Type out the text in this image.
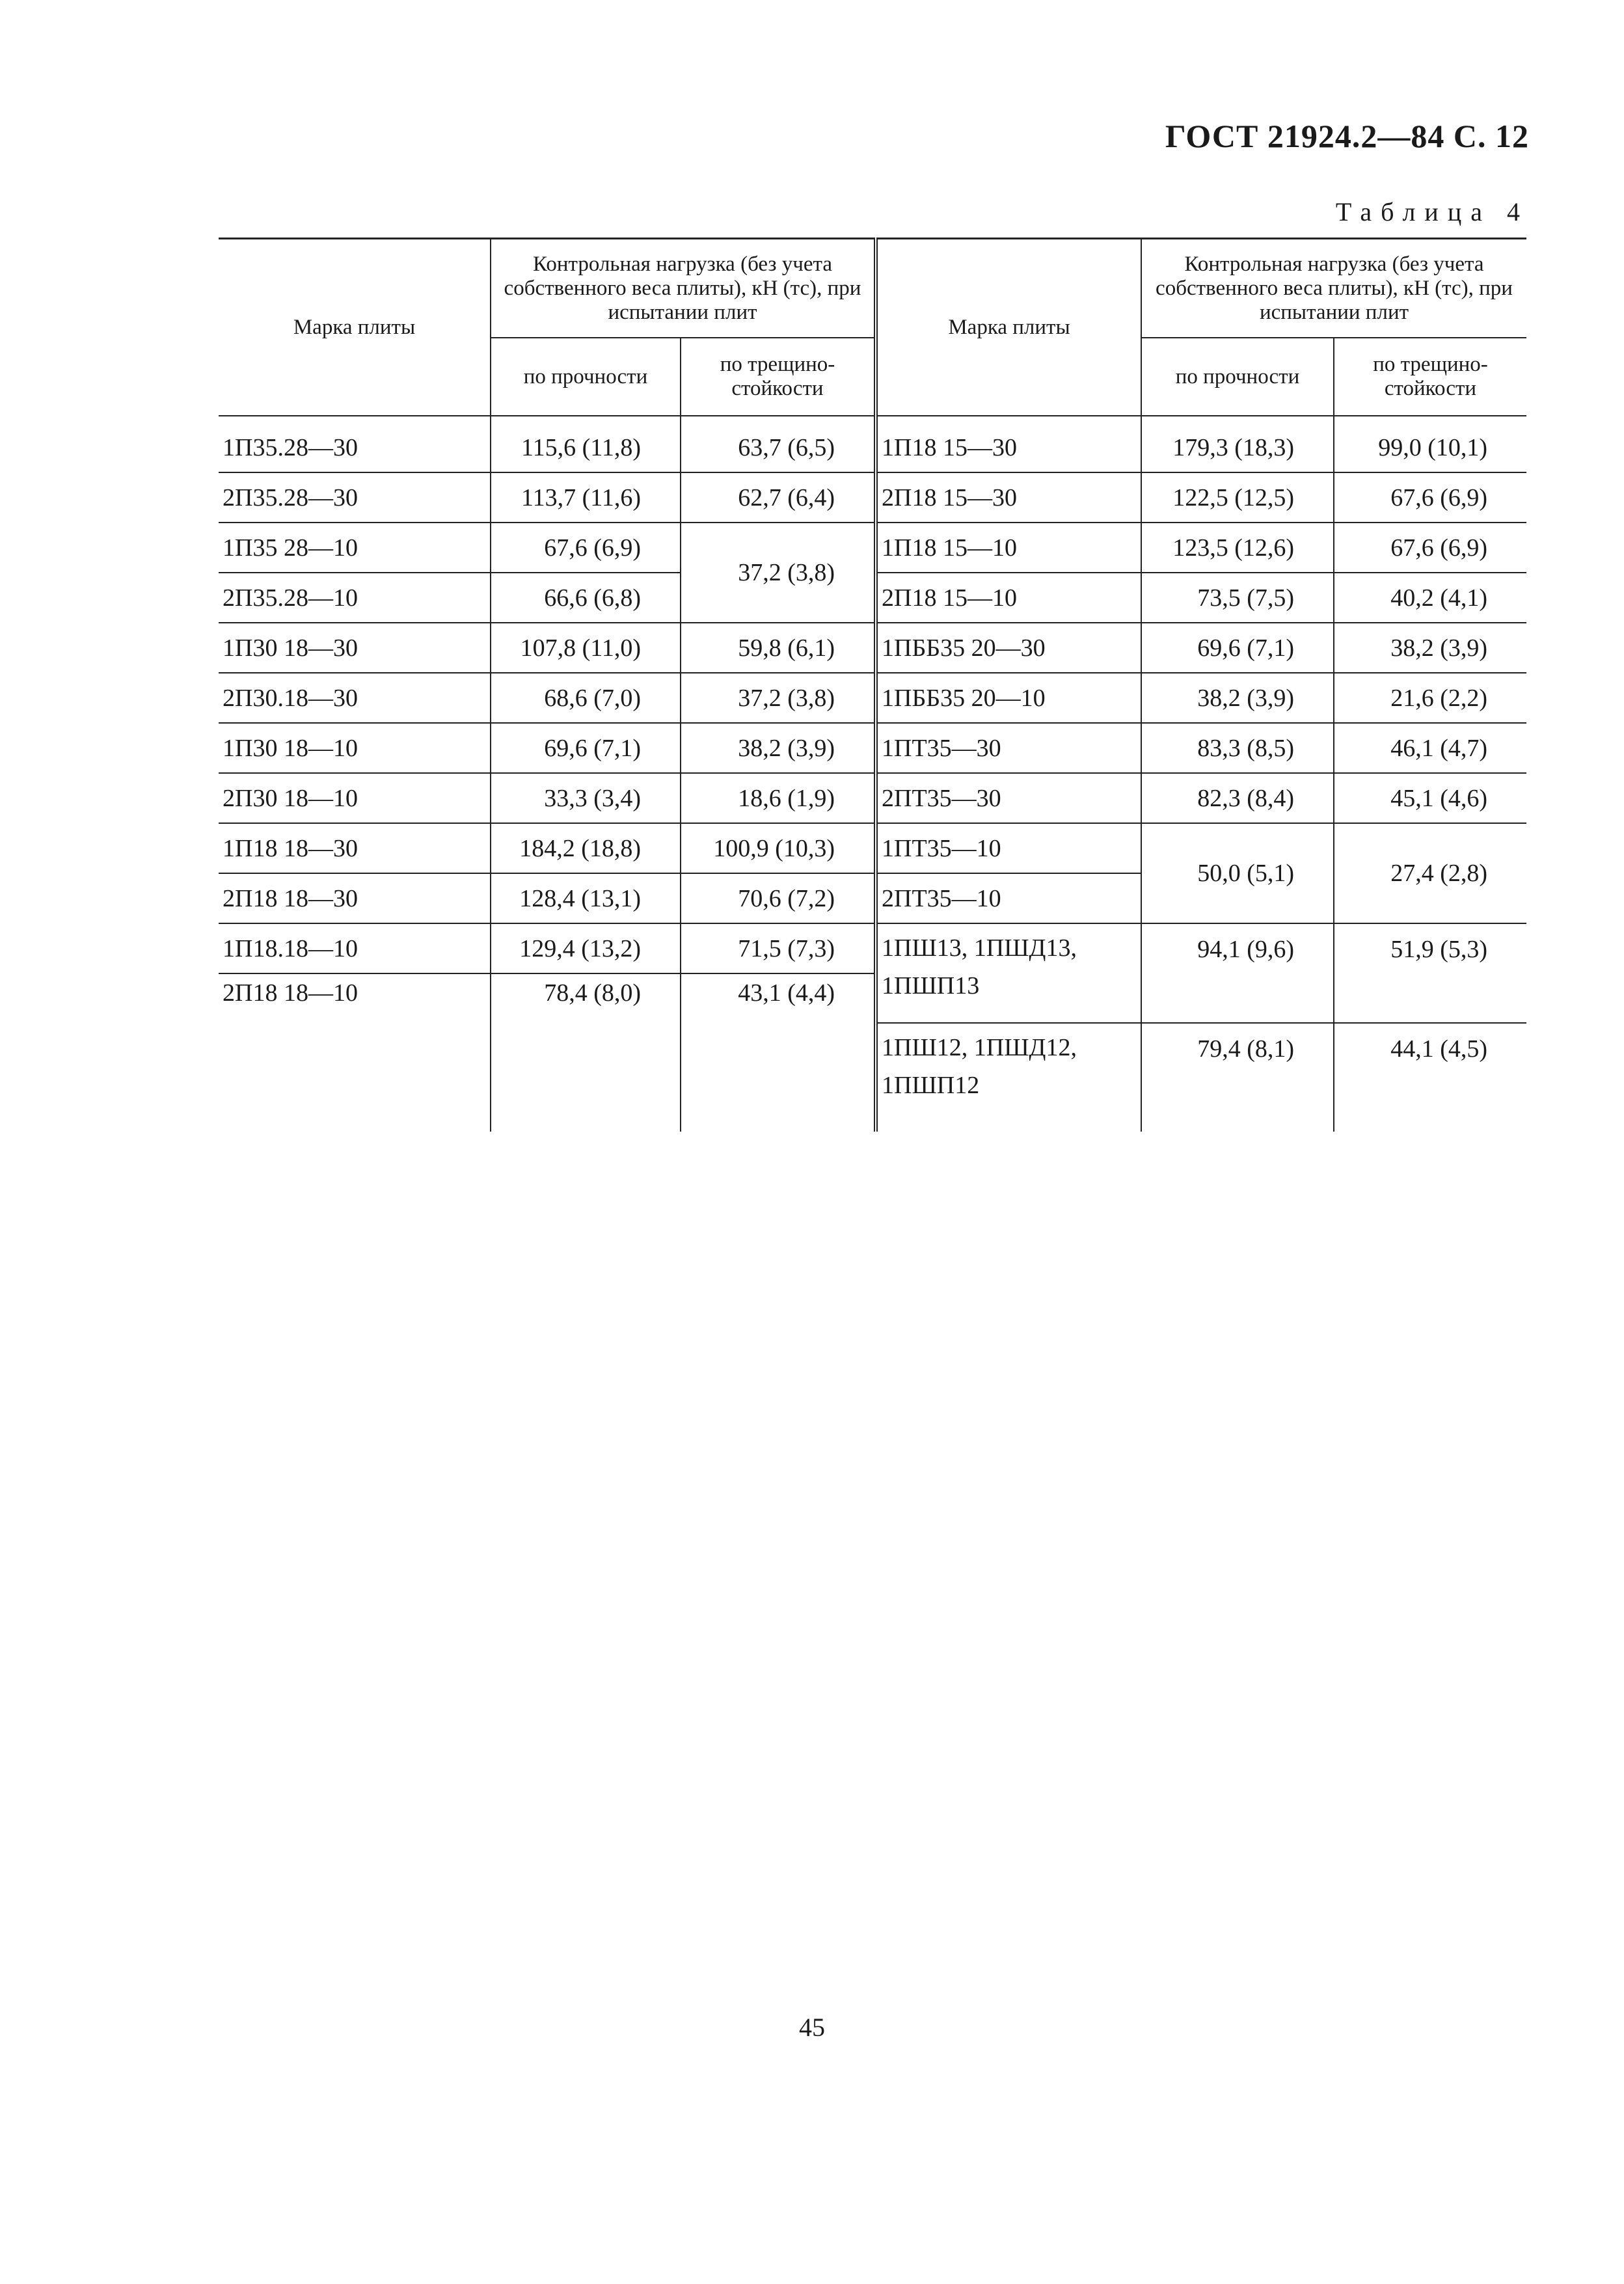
ГОСТ 21924.2—84 С. 12
Таблица 4
Марка плиты	Контрольная нагрузка (без учета собственного веса плиты), кН (тс), при испытании плит		Марка плиты	Контрольная нагрузка (без учета собственного веса плиты), кН (тс), при испытании плит	
	по прочности	по трещино-стойкости		по прочности	по трещино-стойкости

1П35.28—30	115,6 (11,8)	63,7 (6,5)	1П18 15—30	179,3 (18,3)	99,0 (10,1)
2П35.28—30	113,7 (11,6)	62,7 (6,4)	2П18 15—30	122,5 (12,5)	67,6 (6,9)
1П35 28—10	67,6 (6,9)	37,2 (3,8)	1П18 15—10	123,5 (12,6)	67,6 (6,9)
2П35.28—10	66,6 (6,8)		2П18 15—10	73,5 (7,5)	40,2 (4,1)
1П30 18—30	107,8 (11,0)	59,8 (6,1)	1ПББ35 20—30	69,6 (7,1)	38,2 (3,9)
2П30.18—30	68,6 (7,0)	37,2 (3,8)	1ПББ35 20—10	38,2 (3,9)	21,6 (2,2)
1П30 18—10	69,6 (7,1)	38,2 (3,9)	1ПТ35—30	83,3 (8,5)	46,1 (4,7)
2П30 18—10	33,3 (3,4)	18,6 (1,9)	2ПТ35—30	82,3 (8,4)	45,1 (4,6)
1П18 18—30	184,2 (18,8)	100,9 (10,3)	1ПТ35—10	50,0 (5,1)	27,4 (2,8)
2П18 18—30	128,4 (13,1)	70,6 (7,2)	2ПТ35—10		
1П18.18—10	129,4 (13,2)	71,5 (7,3)	1ПШ13, 1ПШД13, 1ПШП13	94,1 (9,6)	51,9 (5,3)
2П18 18—10	78,4 (8,0)	43,1 (4,4)			
			1ПШ12, 1ПШД12, 1ПШП12	79,4 (8,1)	44,1 (4,5)
45
